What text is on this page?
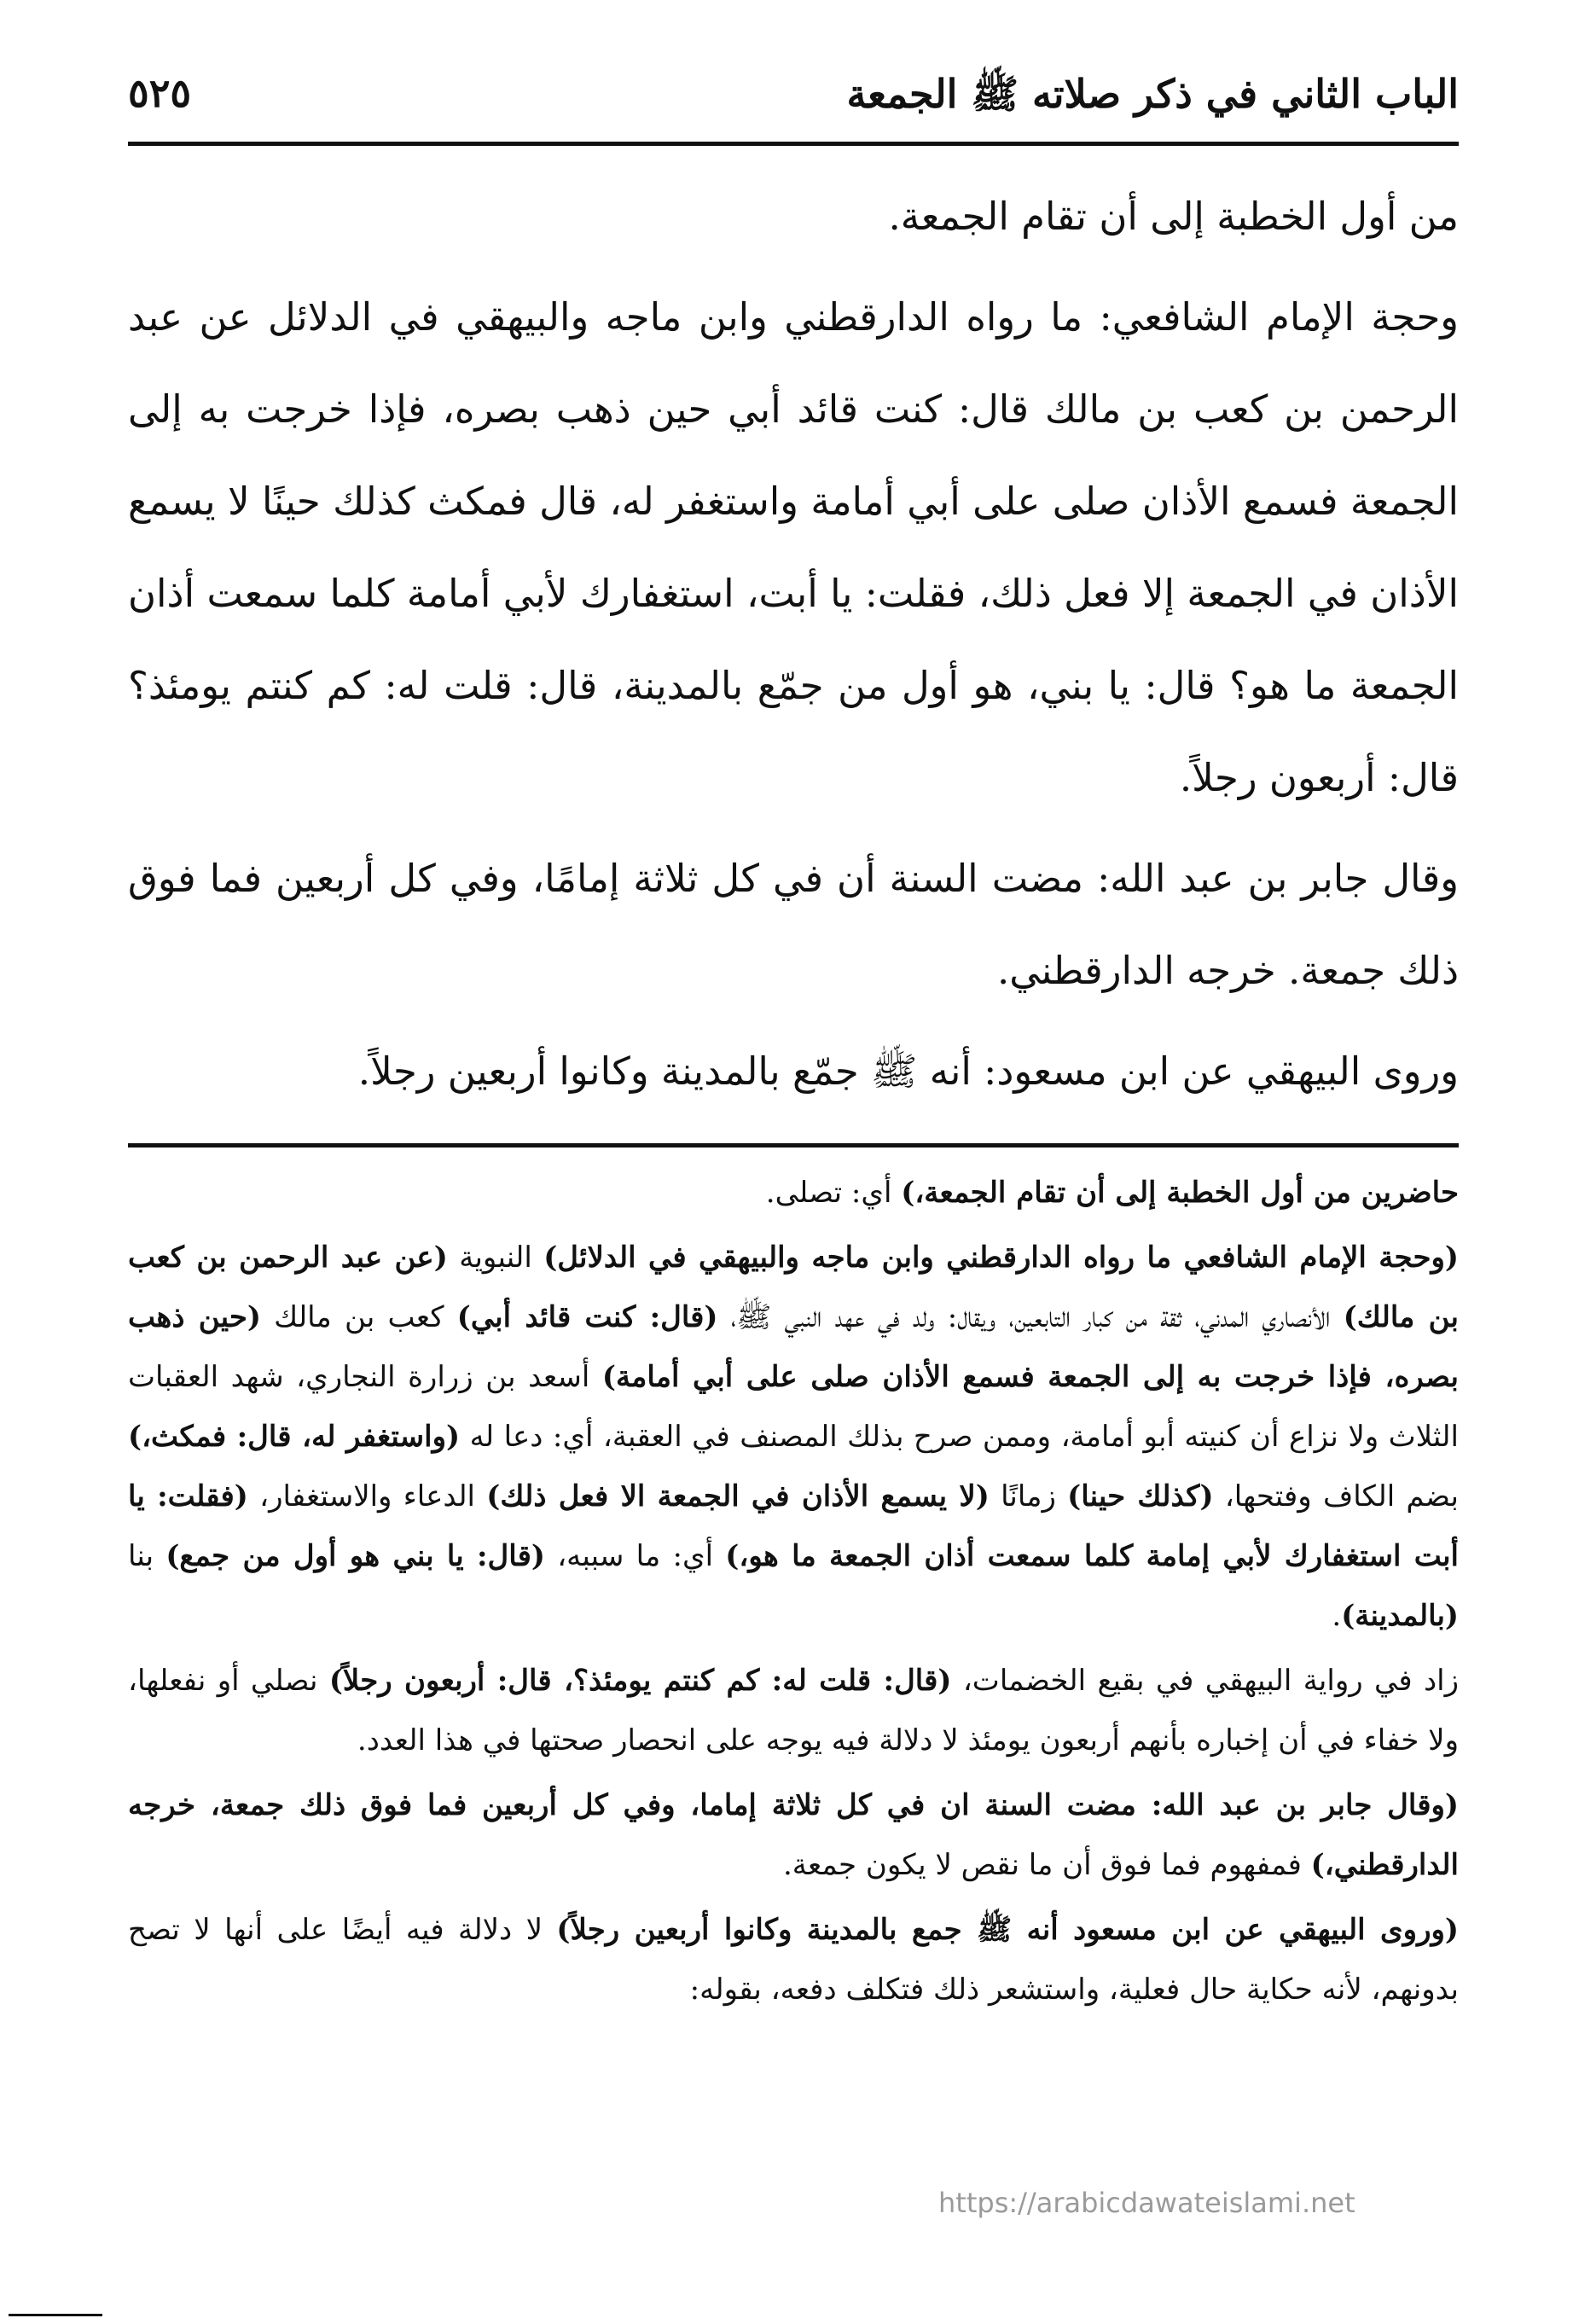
الباب الثاني في ذكر صلاته ﷺ الجمعة
٥٢٥

من أول الخطبة إلى أن تقام الجمعة.

وحجة الإمام الشافعي: ما رواه الدارقطني وابن ماجه والبيهقي في الدلائل عن عبد الرحمن بن كعب بن مالك قال: كنت قائد أبي حين ذهب بصره، فإذا خرجت به إلى الجمعة فسمع الأذان صلى على أبي أمامة واستغفر له، قال فمكث كذلك حينًا لا يسمع الأذان في الجمعة إلا فعل ذلك، فقلت: يا أبت، استغفارك لأبي أمامة كلما سمعت أذان الجمعة ما هو؟ قال: يا بني، هو أول من جمّع بالمدينة، قال: قلت له: كم كنتم يومئذ؟ قال: أربعون رجلاً.

وقال جابر بن عبد الله: مضت السنة أن في كل ثلاثة إمامًا، وفي كل أربعين فما فوق ذلك جمعة. خرجه الدارقطني.

وروى البيهقي عن ابن مسعود: أنه ﷺ جمّع بالمدينة وكانوا أربعين رجلاً.

حاضرين من أول الخطبة إلى أن تقام الجمعة،) أي: تصلى.

(وحجة الإمام الشافعي ما رواه الدارقطني وابن ماجه والبيهقي في الدلائل) النبوية (عن عبد الرحمن بن كعب بن مالك) الأنصاري المدني، ثقة من كبار التابعين، ويقال: ولد في عهد النبي ﷺ، (قال: كنت قائد أبي) كعب بن مالك (حين ذهب بصره، فإذا خرجت به إلى الجمعة فسمع الأذان صلى على أبي أمامة) أسعد بن زرارة النجاري، شهد العقبات الثلاث ولا نزاع أن كنيته أبو أمامة، وممن صرح بذلك المصنف في العقبة، أي: دعا له (واستغفر له، قال: فمكث،) بضم الكاف وفتحها، (كذلك حينا) زمانًا (لا يسمع الأذان في الجمعة الا فعل ذلك) الدعاء والاستغفار، (فقلت: يا أبت استغفارك لأبي إمامة كلما سمعت أذان الجمعة ما هو،) أي: ما سببه، (قال: يا بني هو أول من جمع) بنا (بالمدينة).

زاد في رواية البيهقي في بقيع الخضمات، (قال: قلت له: كم كنتم يومئذ؟، قال: أربعون رجلاً) نصلي أو نفعلها، ولا خفاء في أن إخباره بأنهم أربعون يومئذ لا دلالة فيه يوجه على انحصار صحتها في هذا العدد.

(وقال جابر بن عبد الله: مضت السنة ان في كل ثلاثة إماما، وفي كل أربعين فما فوق ذلك جمعة، خرجه الدارقطني،) فمفهوم فما فوق أن ما نقص لا يكون جمعة.

(وروى البيهقي عن ابن مسعود أنه ﷺ جمع بالمدينة وكانوا أربعين رجلاً) لا دلالة فيه أيضًا على أنها لا تصح بدونهم، لأنه حكاية حال فعلية، واستشعر ذلك فتكلف دفعه، بقوله:

https://arabicdawateislami.net
